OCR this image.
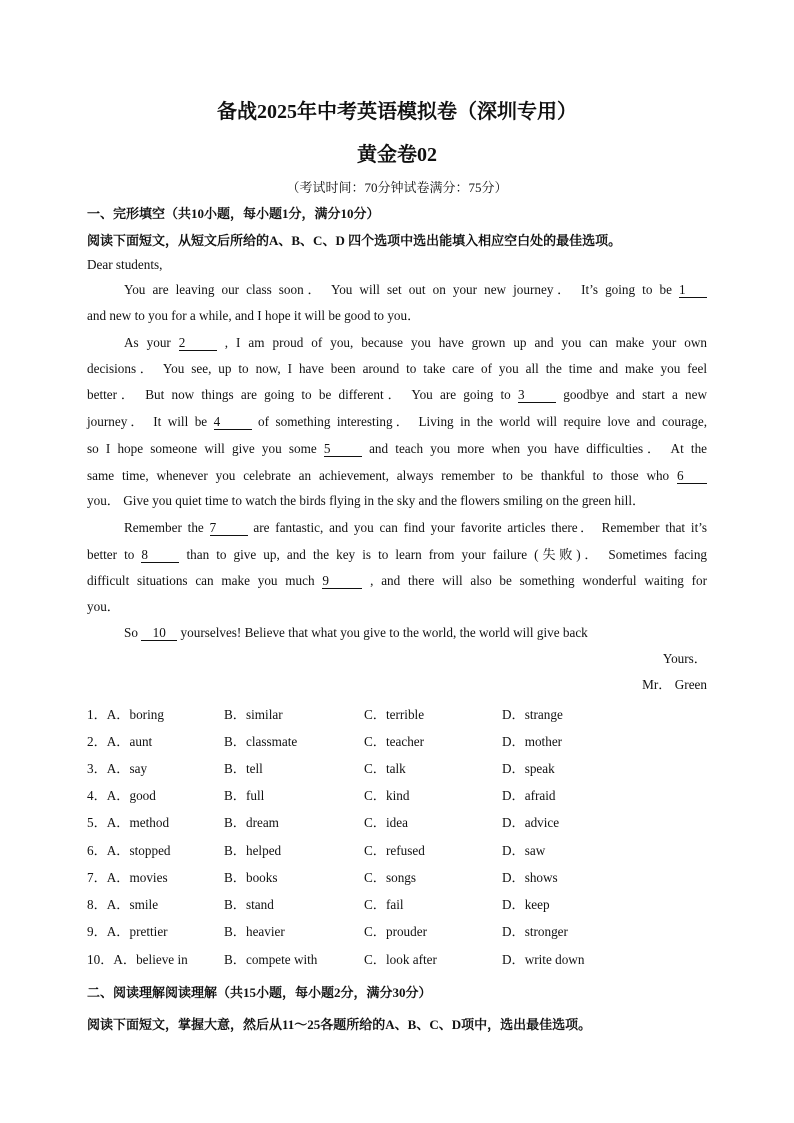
备战2025年中考英语模拟卷（深圳专用）
黄金卷02
（考试时间：70分钟试卷满分：75分）
一、完形填空（共10小题，每小题1分，满分10分）
阅读下面短文，从短文后所给的A、B、C、D 四个选项中选出能填入相应空白处的最佳选项。
Dear students,
You are leaving our class soon． You will set out on your new journey． It’s going to be 1
and new to you for a while, and I hope it will be good to you．
As your 2	, I am proud of you, because you have grown up and you can make your own
decisions． You see, up to now, I have been around to take care of you all the time and make you feel
better． But now things are going to be different． You are going to 3	goodbye and start a new
journey． It will be 4	of something interesting． Living in the world will require love and courage,
so I hope someone will give you some 5	and teach you more when you have difficulties． At the
same time, whenever you celebrate an achievement, always remember to be thankful to those who 6
you． Give you quiet time to watch the birds flying in the sky and the flowers smiling on the green hill．
Remember the 7	are fantastic, and you can find your favorite articles there． Remember that it’s
better to 8	than to give up, and the key is to learn from your failure (失败)． Sometimes facing
difficult situations can make you much 9	, and there will also be something wonderful waiting for
you．
So 10 yourselves! Believe that what you give to the world, the world will give back
Yours．
Mr． Green
1．A．boring	B．similar	C．terrible	D．strange
2．A．aunt	B．classmate	C．teacher	D．mother
3．A．say	B．tell	C．talk	D．speak
4．A．good	B．full	C．kind	D．afraid
5．A．method	B．dream	C．idea	D．advice
6．A．stopped	B．helped	C．refused	D．saw
7．A．movies	B．books	C．songs	D．shows
8．A．smile	B．stand	C．fail	D．keep
9．A．prettier	B．heavier	C．prouder	D．stronger
10．A．believe in	B．compete with	C．look after	D．write down
二、阅读理解阅读理解（共15小题，每小题2分，满分30分）
阅读下面短文，掌握大意，然后从11～25各题所给的A、B、C、D项中，选出最佳选项。
